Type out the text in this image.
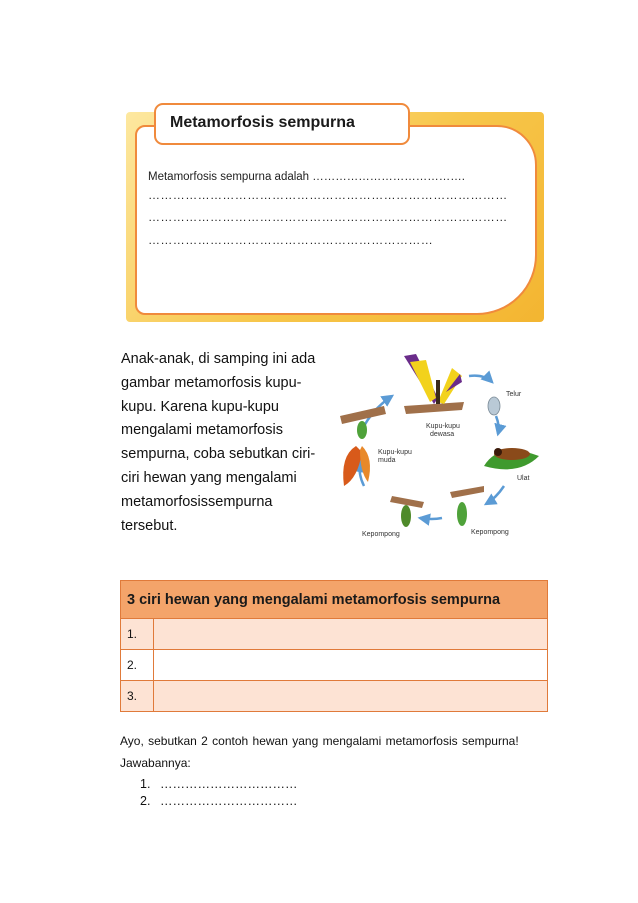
Metamorfosis sempurna
Metamorfosis sempurna adalah ………………………………….
……………………………………………………………………………
……………………………………………………………………………
……………………………………………………………
Anak-anak, di samping ini ada
gambar metamorfosis kupu-
kupu. Karena kupu-kupu
mengalami metamorfosis
sempurna, coba sebutkan ciri-
ciri hewan yang mengalami
metamorfosissempurna
tersebut.
Kupu-kupu
dewasa
Telur
Ulat
Kepompong
Kepompong
Kupu-kupu
muda
3 ciri hewan yang mengalami metamorfosis sempurna	
1.	
2.	
3.	
Ayo, sebutkan 2 contoh hewan yang mengalami metamorfosis sempurna!
Jawabannya:
1. ……………………………
2. ……………………………
